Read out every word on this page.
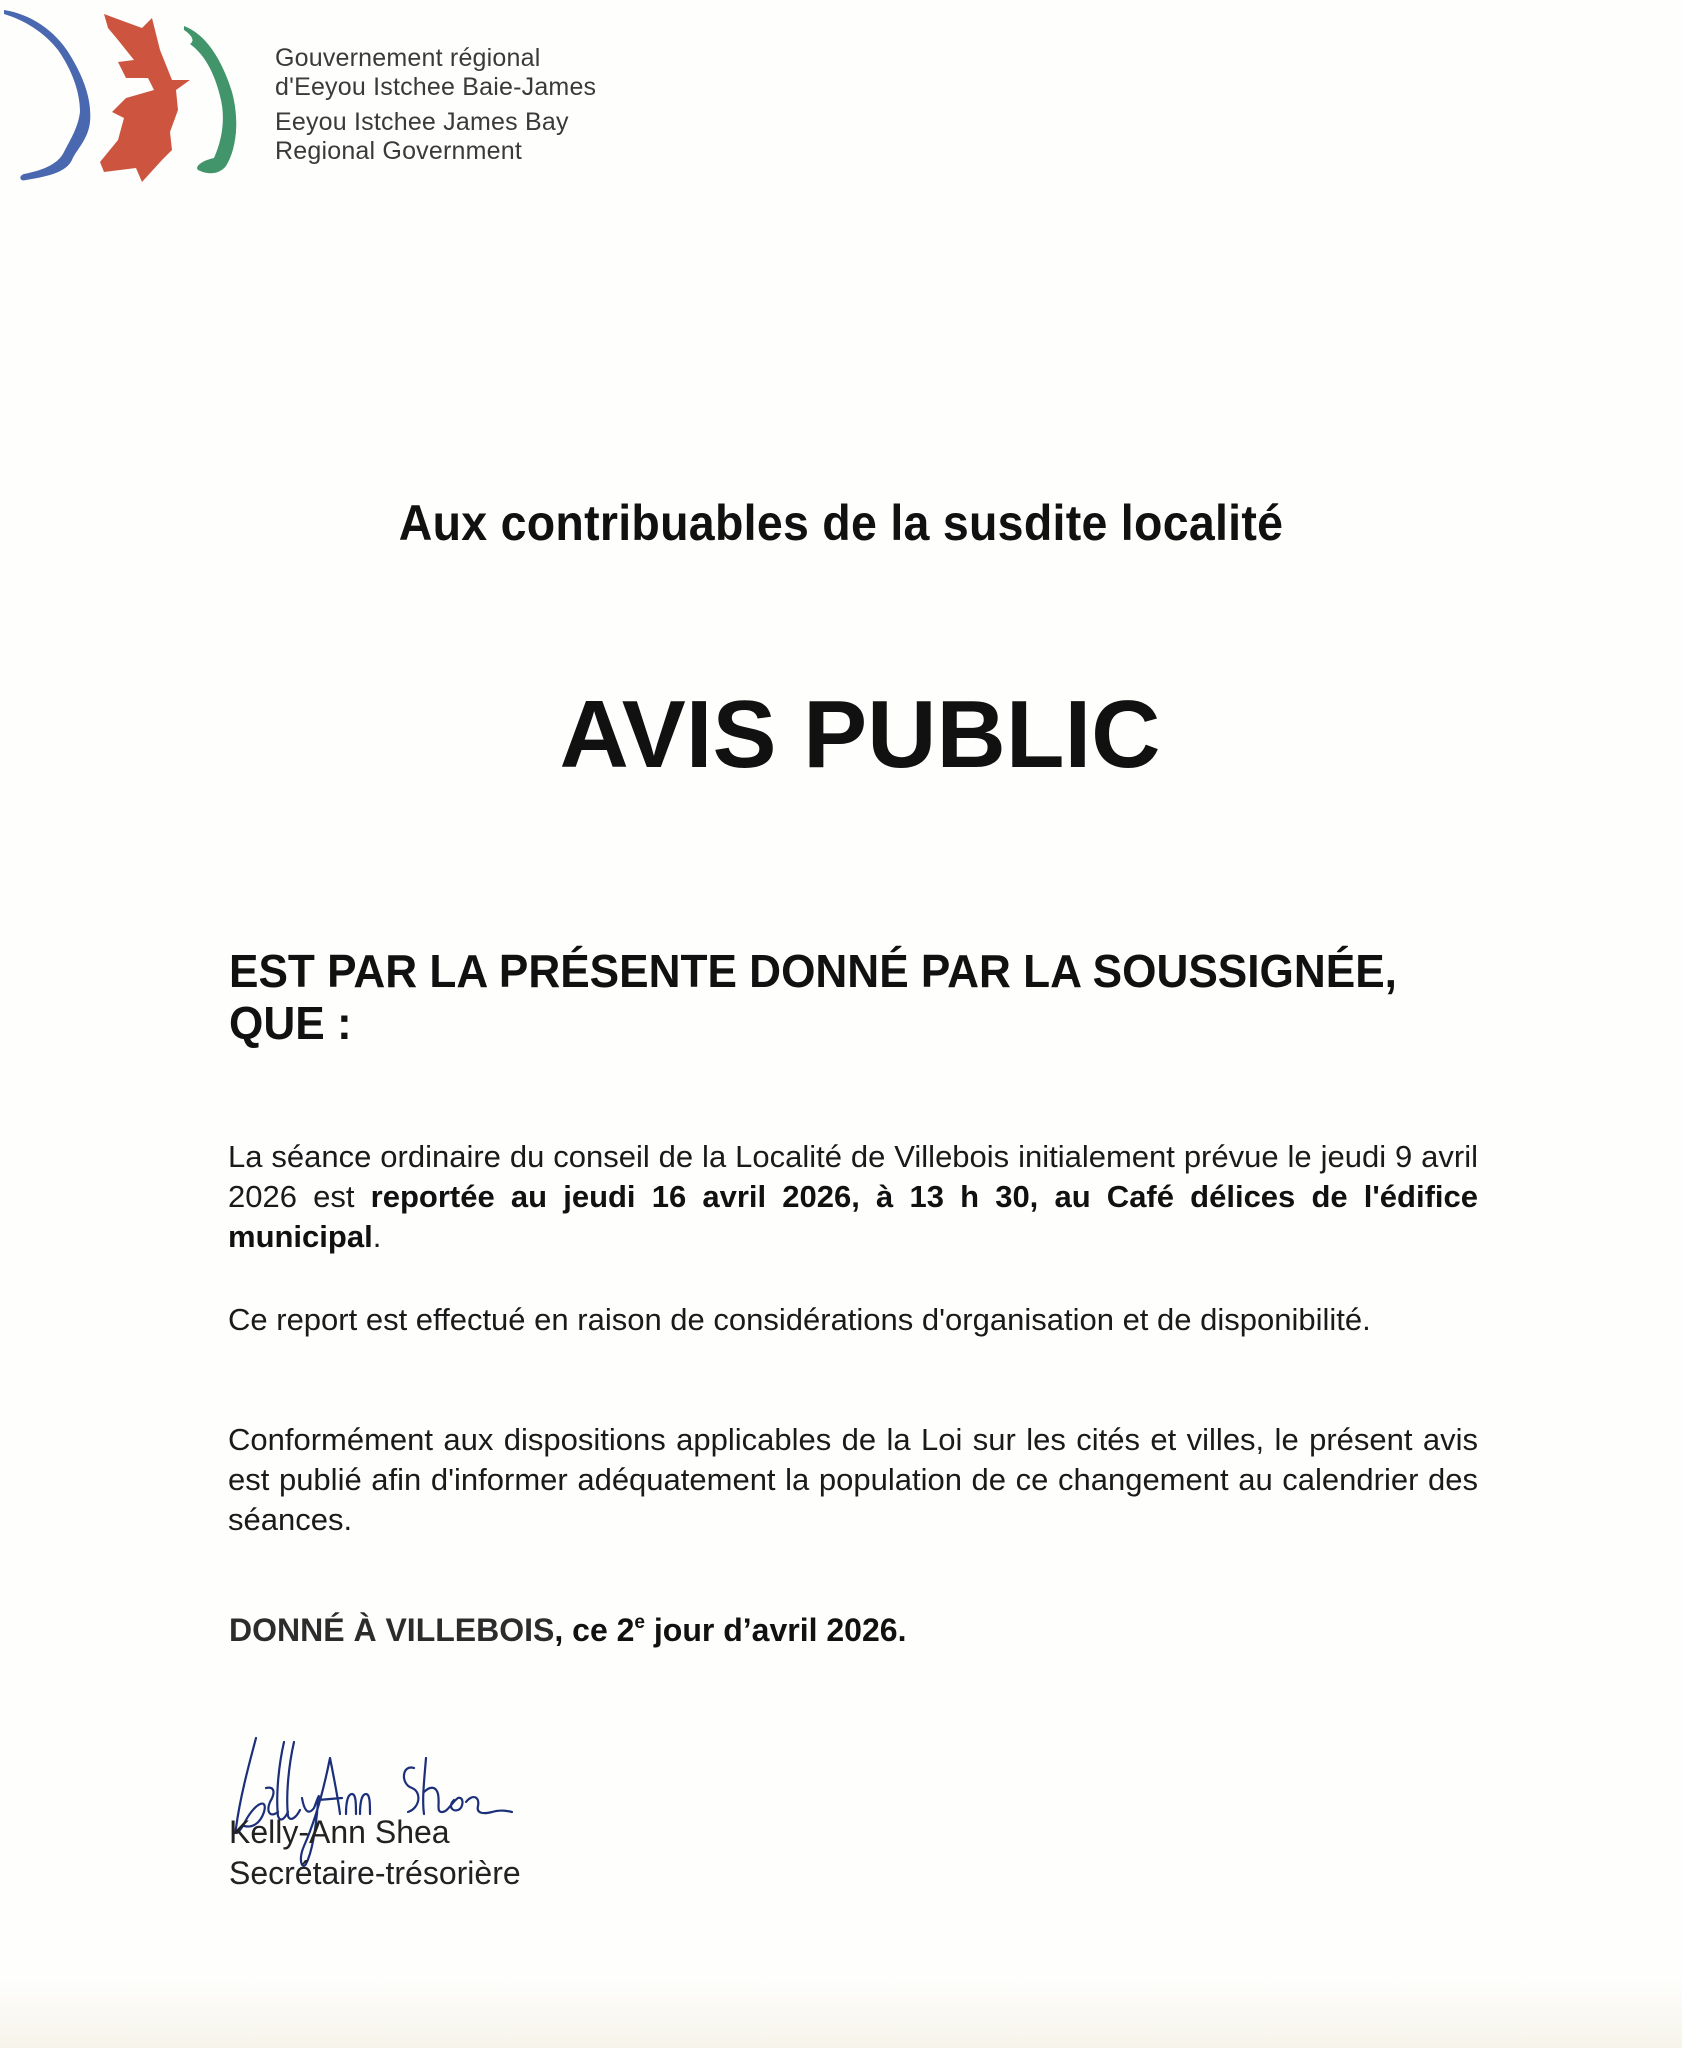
Gouvernement régional
d'Eeyou Istchee Baie-James
Eeyou Istchee James Bay
Regional Government
Aux contribuables de la susdite localité
AVIS PUBLIC
EST PAR LA PRÉSENTE DONNÉ PAR LA SOUSSIGNÉE,
QUE :

La séance ordinaire du conseil de la Localité de Villebois initialement prévue le jeudi 9 avril 2026 est reportée au jeudi 16 avril 2026, à 13 h 30, au Café délices de l'édifice municipal.

Ce report est effectué en raison de considérations d'organisation et de disponibilité.

Conformément aux dispositions applicables de la Loi sur les cités et villes, le présent avis est publié afin d'informer adéquatement la population de ce changement au calendrier des séances.

DONNÉ À VILLEBOIS, ce 2e jour d’avril 2026.
Kelly-Ann Shea
Secrétaire-trésorière
